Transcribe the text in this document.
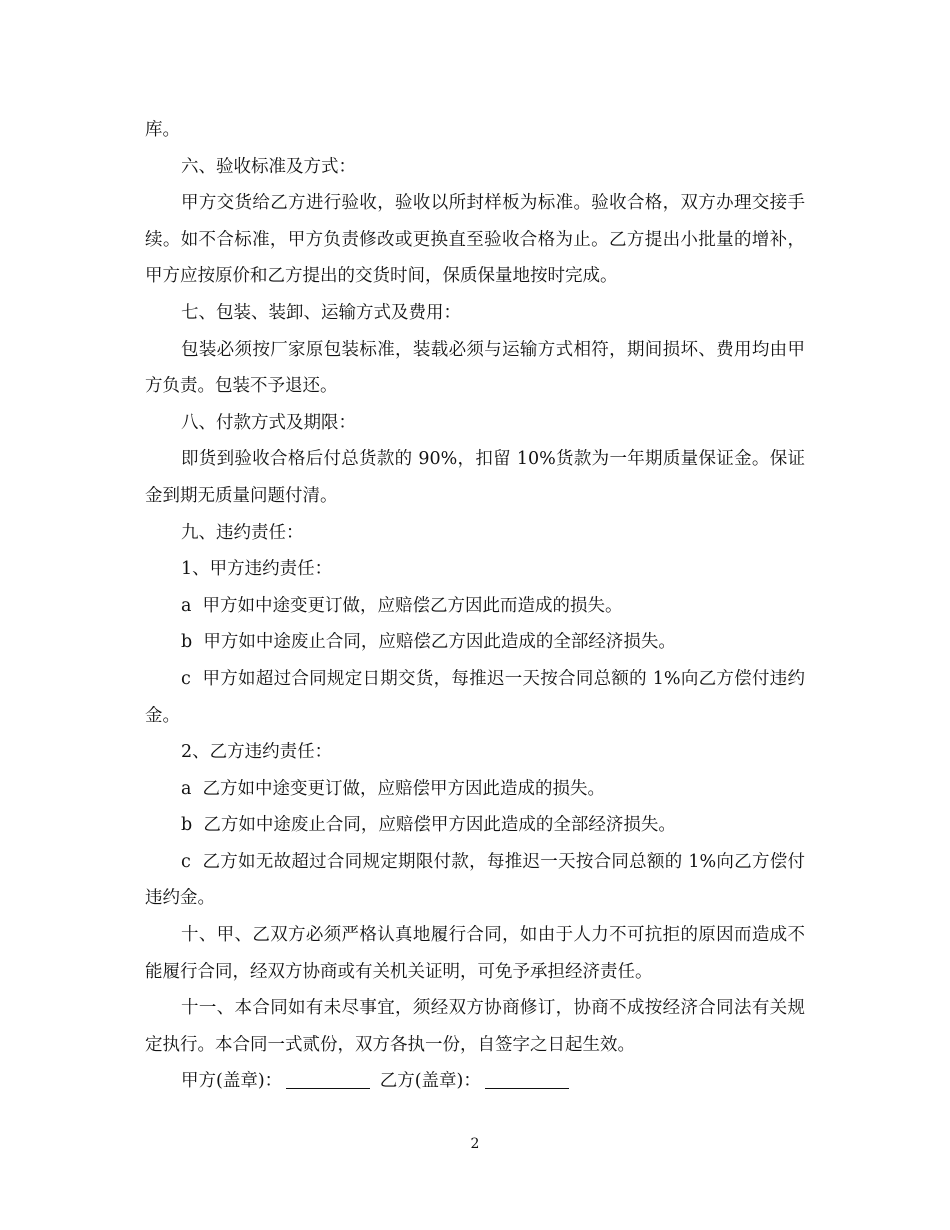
库。

六、验收标准及方式：

甲方交货给乙方进行验收，验收以所封样板为标准。验收合格，双方办理交接手续。如不合标准，甲方负责修改或更换直至验收合格为止。乙方提出小批量的增补，甲方应按原价和乙方提出的交货时间，保质保量地按时完成。

七、包装、装卸、运输方式及费用：

包装必须按厂家原包装标准，装载必须与运输方式相符，期间损坏、费用均由甲方负责。包装不予退还。

八、付款方式及期限：

即货到验收合格后付总货款的 90%，扣留 10%货款为一年期质量保证金。保证金到期无质量问题付清。

九、违约责任：

1、甲方违约责任：

a  甲方如中途变更订做，应赔偿乙方因此而造成的损失。

b  甲方如中途废止合同，应赔偿乙方因此造成的全部经济损失。

c  甲方如超过合同规定日期交货，每推迟一天按合同总额的 1%向乙方偿付违约金。

2、乙方违约责任：

a  乙方如中途变更订做，应赔偿甲方因此造成的损失。

b  乙方如中途废止合同，应赔偿甲方因此造成的全部经济损失。

c  乙方如无故超过合同规定期限付款，每推迟一天按合同总额的 1%向乙方偿付违约金。

十、甲、乙双方必须严格认真地履行合同，如由于人力不可抗拒的原因而造成不能履行合同，经双方协商或有关机关证明，可免予承担经济责任。

十一、本合同如有未尽事宜，须经双方协商修订，协商不成按经济合同法有关规定执行。本合同一式贰份，双方各执一份，自签字之日起生效。

甲方(盖章)：	乙方(盖章)：

2
